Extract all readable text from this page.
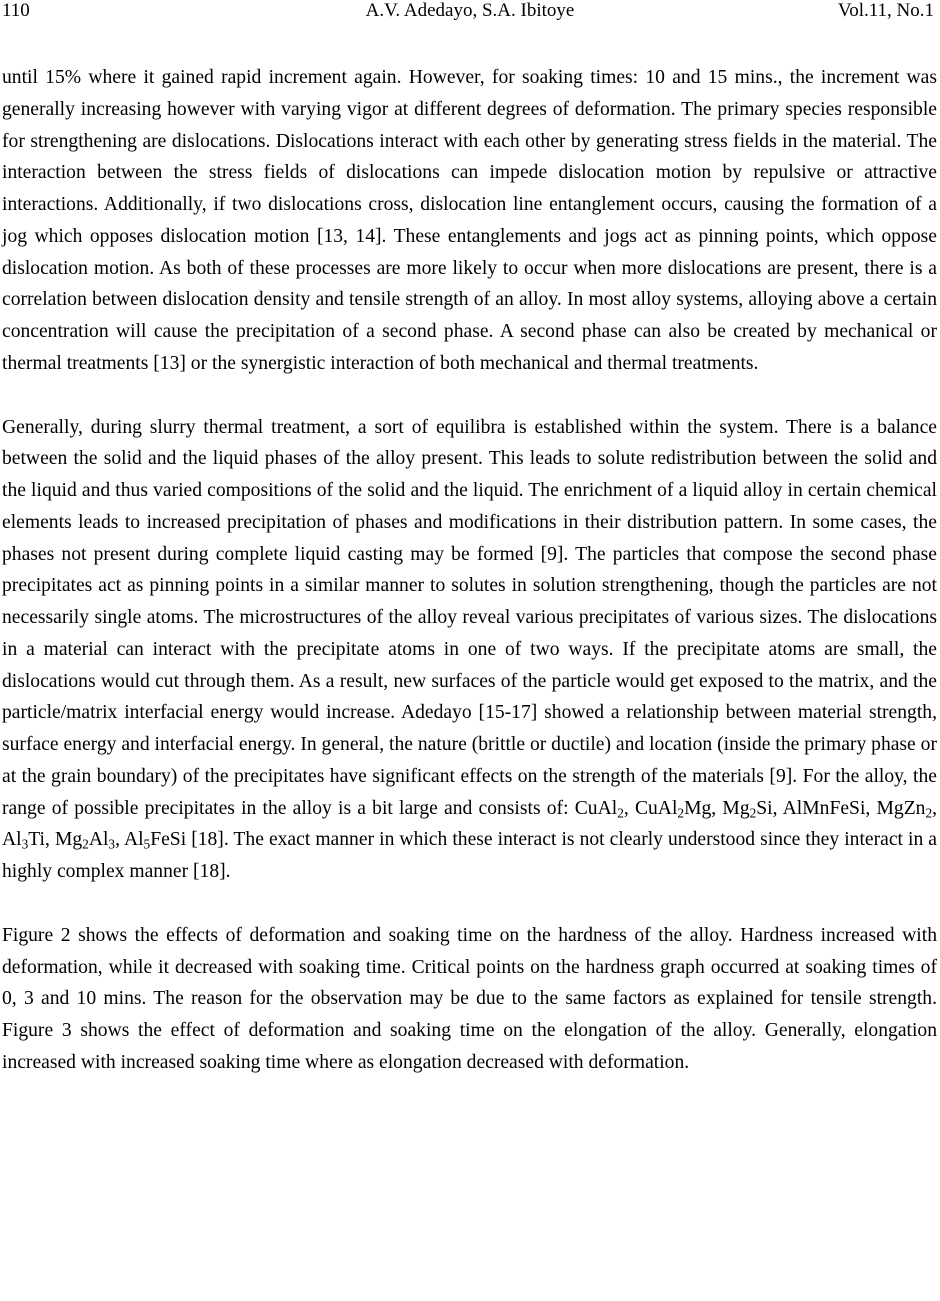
110	A.V. Adedayo, S.A. Ibitoye	Vol.11, No.1

until 15% where it gained rapid increment again. However, for soaking times: 10 and 15 mins., the increment was generally increasing however with varying vigor at different degrees of deformation. The primary species responsible for strengthening are dislocations. Dislocations interact with each other by generating stress fields in the material. The interaction between the stress fields of dislocations can impede dislocation motion by repulsive or attractive interactions. Additionally, if two dislocations cross, dislocation line entanglement occurs, causing the formation of a jog which opposes dislocation motion [13, 14]. These entanglements and jogs act as pinning points, which oppose dislocation motion. As both of these processes are more likely to occur when more dislocations are present, there is a correlation between dislocation density and tensile strength of an alloy. In most alloy systems, alloying above a certain concentration will cause the precipitation of a second phase. A second phase can also be created by mechanical or thermal treatments [13] or the synergistic interaction of both mechanical and thermal treatments.

Generally, during slurry thermal treatment, a sort of equilibra is established within the system. There is a balance between the solid and the liquid phases of the alloy present. This leads to solute redistribution between the solid and the liquid and thus varied compositions of the solid and the liquid. The enrichment of a liquid alloy in certain chemical elements leads to increased precipitation of phases and modifications in their distribution pattern. In some cases, the phases not present during complete liquid casting may be formed [9]. The particles that compose the second phase precipitates act as pinning points in a similar manner to solutes in solution strengthening, though the particles are not necessarily single atoms. The microstructures of the alloy reveal various precipitates of various sizes. The dislocations in a material can interact with the precipitate atoms in one of two ways. If the precipitate atoms are small, the dislocations would cut through them. As a result, new surfaces of the particle would get exposed to the matrix, and the particle/matrix interfacial energy would increase. Adedayo [15-17] showed a relationship between material strength, surface energy and interfacial energy. In general, the nature (brittle or ductile) and location (inside the primary phase or at the grain boundary) of the precipitates have significant effects on the strength of the materials [9]. For the alloy, the range of possible precipitates in the alloy is a bit large and consists of: CuAl$_2$, CuAl$_2$Mg, $Mg_2Si$, AlMnFeSi, MgZn$_2$, $Al_3Ti$, $Mg_2Al_3$, $Al_5FeSi$ [18]. The exact manner in which these interact is not clearly understood since they interact in a highly complex manner [18].

Figure 2 shows the effects of deformation and soaking time on the hardness of the alloy. Hardness increased with deformation, while it decreased with soaking time. Critical points on the hardness graph occurred at soaking times of 0, 3 and 10 mins. The reason for the observation may be due to the same factors as explained for tensile strength. Figure 3 shows the effect of deformation and soaking time on the elongation of the alloy. Generally, elongation increased with increased soaking time where as elongation decreased with deformation.
